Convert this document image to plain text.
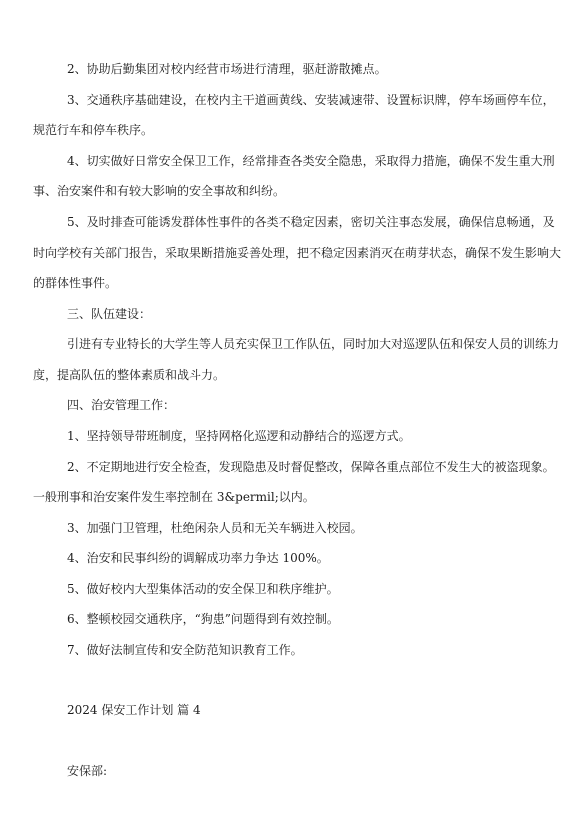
2、协助后勤集团对校内经营市场进行清理，驱赶游散摊点。
3、交通秩序基础建设，在校内主干道画黄线、安装减速带、设置标识牌，停车场画停车位，
规范行车和停车秩序。
4、切实做好日常安全保卫工作，经常排查各类安全隐患，采取得力措施，确保不发生重大刑
事、治安案件和有较大影响的安全事故和纠纷。
5、及时排查可能诱发群体性事件的各类不稳定因素，密切关注事态发展，确保信息畅通，及
时向学校有关部门报告，采取果断措施妥善处理，把不稳定因素消灭在萌芽状态，确保不发生影响大
的群体性事件。
三、队伍建设：
引进有专业特长的大学生等人员充实保卫工作队伍，同时加大对巡逻队伍和保安人员的训练力
度，提高队伍的整体素质和战斗力。
四、治安管理工作：
1、坚持领导带班制度，坚持网格化巡逻和动静结合的巡逻方式。
2、不定期地进行安全检查，发现隐患及时督促整改，保障各重点部位不发生大的被盗现象。
一般刑事和治安案件发生率控制在 3&permil;以内。
3、加强门卫管理，杜绝闲杂人员和无关车辆进入校园。
4、治安和民事纠纷的调解成功率力争达 100%。
5、做好校内大型集体活动的安全保卫和秩序维护。
6、整顿校园交通秩序，“狗患”问题得到有效控制。
7、做好法制宣传和安全防范知识教育工作。
2024 保安工作计划 篇 4
安保部:
